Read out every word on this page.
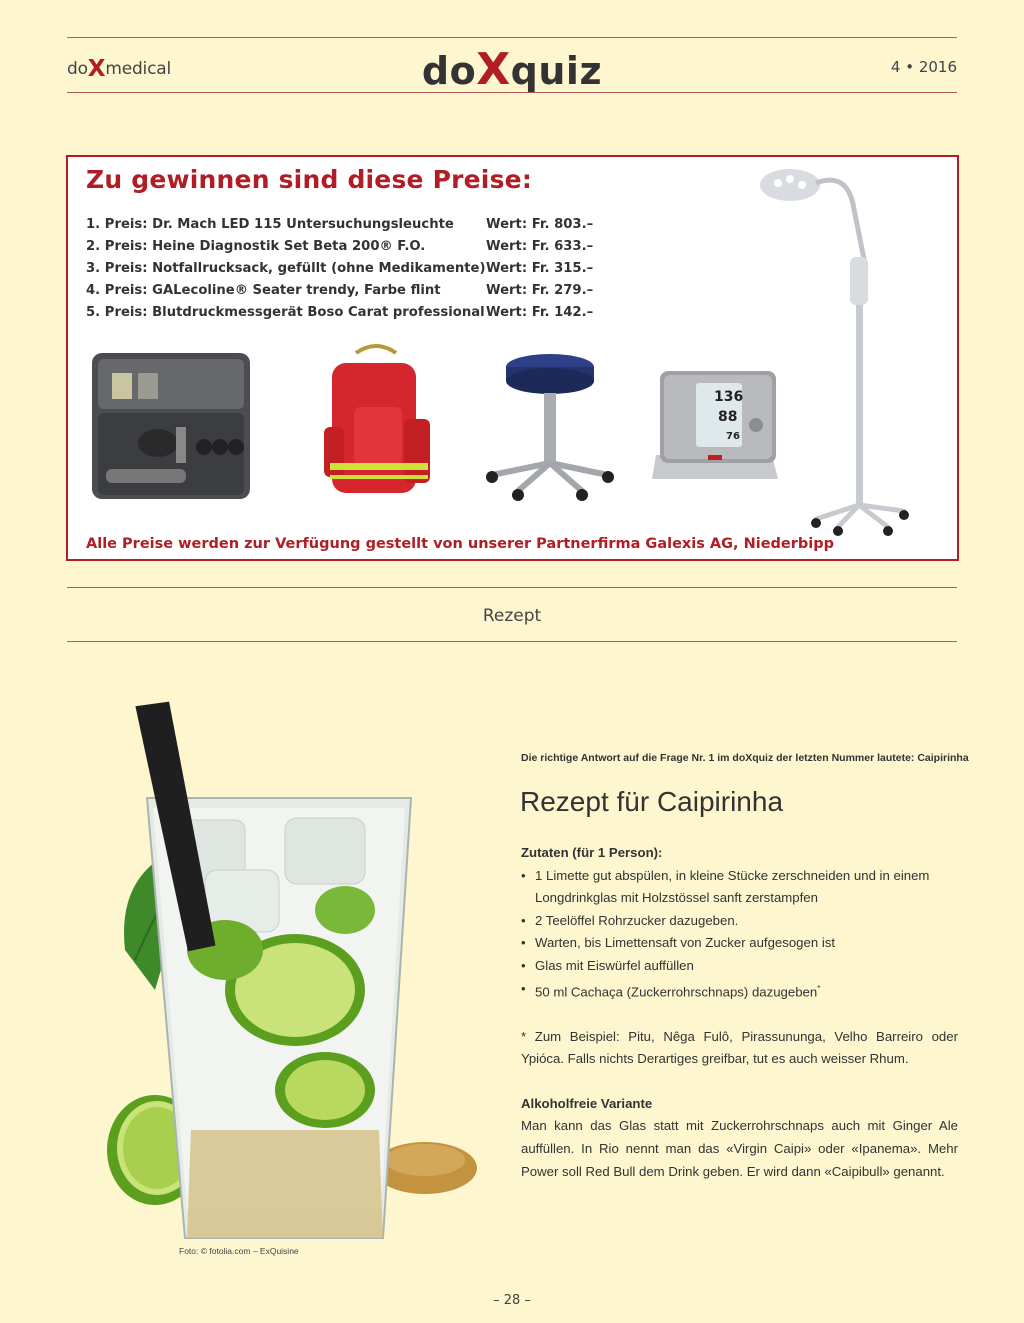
doXmedical	doXquiz	4 • 2016
Zu gewinnen sind diese Preise:
1. Preis: Dr. Mach LED 115 Untersuchungsleuchte Wert: Fr. 803.–
2. Preis: Heine Diagnostik Set Beta 200® F.O.	Wert: Fr. 633.–
3. Preis: Notfallrucksack, gefüllt (ohne Medikamente) Wert: Fr. 315.–
4. Preis: GALecoline® Seater trendy, Farbe flint	Wert: Fr. 279.–
5. Preis: Blutdruckmessgerät Boso Carat professional Wert: Fr. 142.–
136
88
76
Alle Preise werden zur Verfügung gestellt von unserer Partnerfirma Galexis AG, Niederbipp
Rezept
Die richtige Antwort auf die Frage Nr. 1 im doXquiz der letzten Nummer lautete: Caipirinha
Rezept für Caipirinha
Zutaten (für 1 Person):
• 1 Limette gut abspülen, in kleine Stücke zerschneiden und in einem Longdrinkglas mit Holzstössel sanft zerstampfen
• 2 Teelöffel Rohrzucker dazugeben.
• Warten, bis Limettensaft von Zucker aufgesogen ist
• Glas mit Eiswürfel auffüllen
• 50 ml Cachaça (Zuckerrohrschnaps) dazugeben*

* Zum Beispiel: Pitu, Nêga Fulô, Pirassununga, Velho Barreiro oder Ypióca. Falls nichts Derartiges greifbar, tut es auch weisser Rhum.

Alkoholfreie Variante

Man kann das Glas statt mit Zuckerrohrschnaps auch mit Ginger Ale auffüllen. In Rio nennt man das «Virgin Caipi» oder «Ipanema». Mehr Power soll Red Bull dem Drink geben. Er wird dann «Caipibull» genannt.

Foto: © fotolia.com – ExQuisine
– 28 –
